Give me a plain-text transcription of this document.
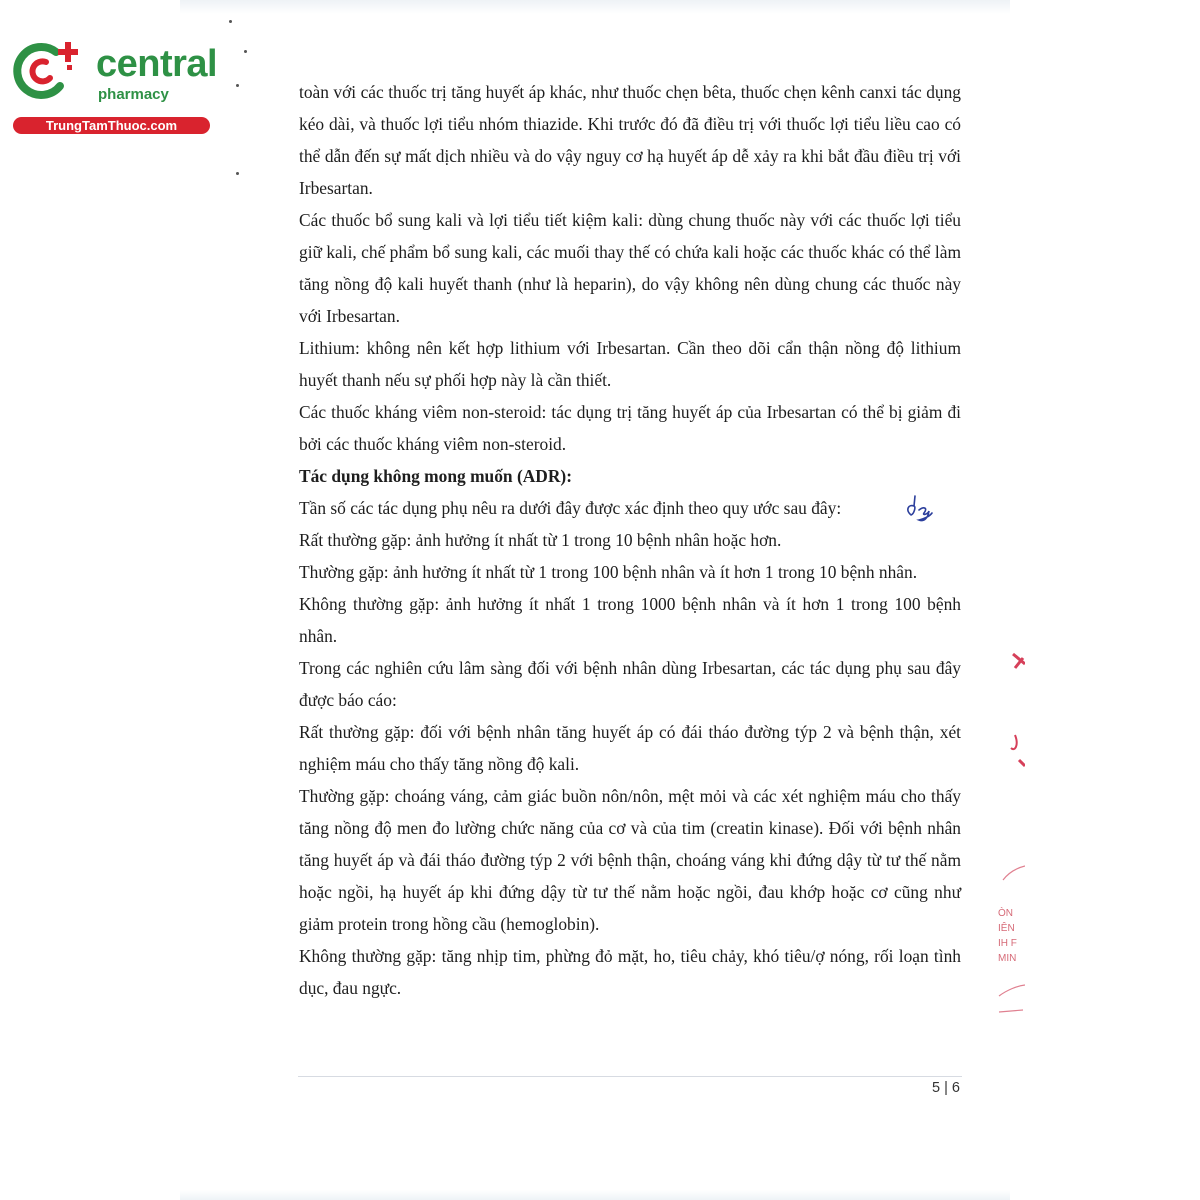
central
pharmacy
TrungTamThuoc.com

toàn với các thuốc trị tăng huyết áp khác, như thuốc chẹn bêta, thuốc chẹn kênh canxi tác dụng kéo dài, và thuốc lợi tiểu nhóm thiazide. Khi trước đó đã điều trị với thuốc lợi tiểu liều cao có thể dẫn đến sự mất dịch nhiều và do vậy nguy cơ hạ huyết áp dễ xảy ra khi bắt đầu điều trị với Irbesartan.

Các thuốc bổ sung kali và lợi tiểu tiết kiệm kali: dùng chung thuốc này với các thuốc lợi tiểu giữ kali, chế phẩm bổ sung kali, các muối thay thế có chứa kali hoặc các thuốc khác có thể làm tăng nồng độ kali huyết thanh (như là heparin), do vậy không nên dùng chung các thuốc này với Irbesartan.

Lithium: không nên kết hợp lithium với Irbesartan. Cần theo dõi cẩn thận nồng độ lithium huyết thanh nếu sự phối hợp này là cần thiết.

Các thuốc kháng viêm non-steroid: tác dụng trị tăng huyết áp của Irbesartan có thể bị giảm đi bởi các thuốc kháng viêm non-steroid.

Tác dụng không mong muốn (ADR):

Tần số các tác dụng phụ nêu ra dưới đây được xác định theo quy ước sau đây:

Rất thường gặp: ảnh hưởng ít nhất từ 1 trong 10 bệnh nhân hoặc hơn.

Thường gặp: ảnh hưởng ít nhất từ 1 trong 100 bệnh nhân và ít hơn 1 trong 10 bệnh nhân.

Không thường gặp: ảnh hưởng ít nhất 1 trong 1000 bệnh nhân và ít hơn 1 trong 100 bệnh nhân.

Trong các nghiên cứu lâm sàng đối với bệnh nhân dùng Irbesartan, các tác dụng phụ sau đây được báo cáo:

Rất thường gặp: đối với bệnh nhân tăng huyết áp có đái tháo đường týp 2 và bệnh thận, xét nghiệm máu cho thấy tăng nồng độ kali.

Thường gặp: choáng váng, cảm giác buồn nôn/nôn, mệt mỏi và các xét nghiệm máu cho thấy tăng nồng độ men đo lường chức năng của cơ và của tim (creatin kinase). Đối với bệnh nhân tăng huyết áp và đái tháo đường týp 2 với bệnh thận, choáng váng khi đứng dậy từ tư thế nằm hoặc ngồi, hạ huyết áp khi đứng dậy từ tư thế nằm hoặc ngồi, đau khớp hoặc cơ cũng như giảm protein trong hồng cầu (hemoglobin).

Không thường gặp: tăng nhịp tim, phừng đỏ mặt, ho, tiêu chảy, khó tiêu/ợ nóng, rối loạn tình dục, đau ngực.

ÒN
IÊN
IH F
MIN
5 | 6
